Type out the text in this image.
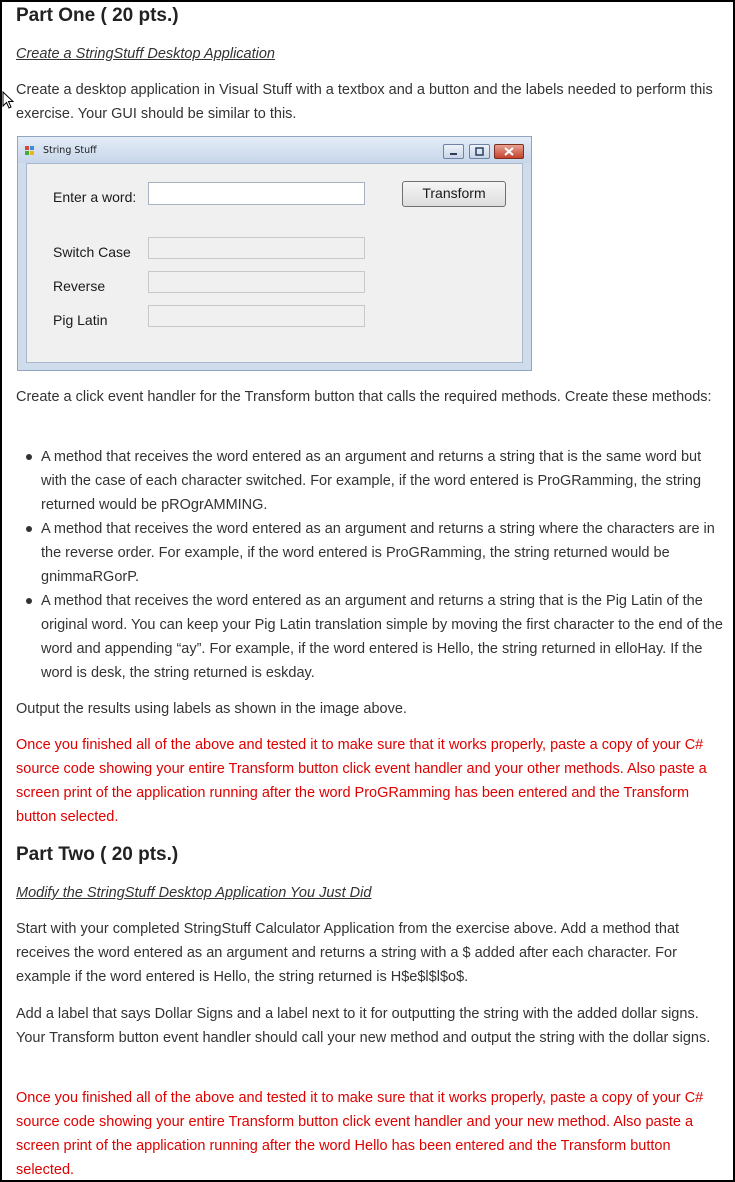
Part One ( 20 pts.)

Create a StringStuff Desktop Application

Create a desktop application in Visual Stuff with a textbox and a button and the labels needed to perform this exercise. Your GUI should be similar to this.

String Stuff

Enter a word:	Transform
Switch Case
Reverse
Pig Latin

Create a click event handler for the Transform button that calls the required methods. Create these methods:

A method that receives the word entered as an argument and returns a string that is the same word but with the case of each character switched. For example, if the word entered is ProGRamming, the string returned would be pROgrAMMING.
A method that receives the word entered as an argument and returns a string where the characters are in the reverse order. For example, if the word entered is ProGRamming, the string returned would be gnimmaRGorP.
A method that receives the word entered as an argument and returns a string that is the Pig Latin of the original word. You can keep your Pig Latin translation simple by moving the first character to the end of the word and appending “ay”. For example, if the word entered is Hello, the string returned in elloHay. If the word is desk, the string returned is eskday.

Output the results using labels as shown in the image above.

Once you finished all of the above and tested it to make sure that it works properly, paste a copy of your C# source code showing your entire Transform button click event handler and your other methods. Also paste a screen print of the application running after the word ProGRamming has been entered and the Transform button selected.

Part Two ( 20 pts.)

Modify the StringStuff Desktop Application You Just Did

Start with your completed StringStuff Calculator Application from the exercise above. Add a method that receives the word entered as an argument and returns a string with a $ added after each character. For example if the word entered is Hello, the string returned is H$e$l$l$o$.

Add a label that says Dollar Signs and a label next to it for outputting the string with the added dollar signs. Your Transform button event handler should call your new method and output the string with the dollar signs.

Once you finished all of the above and tested it to make sure that it works properly, paste a copy of your C# source code showing your entire Transform button click event handler and your new method. Also paste a screen print of the application running after the word Hello has been entered and the Transform button selected.
